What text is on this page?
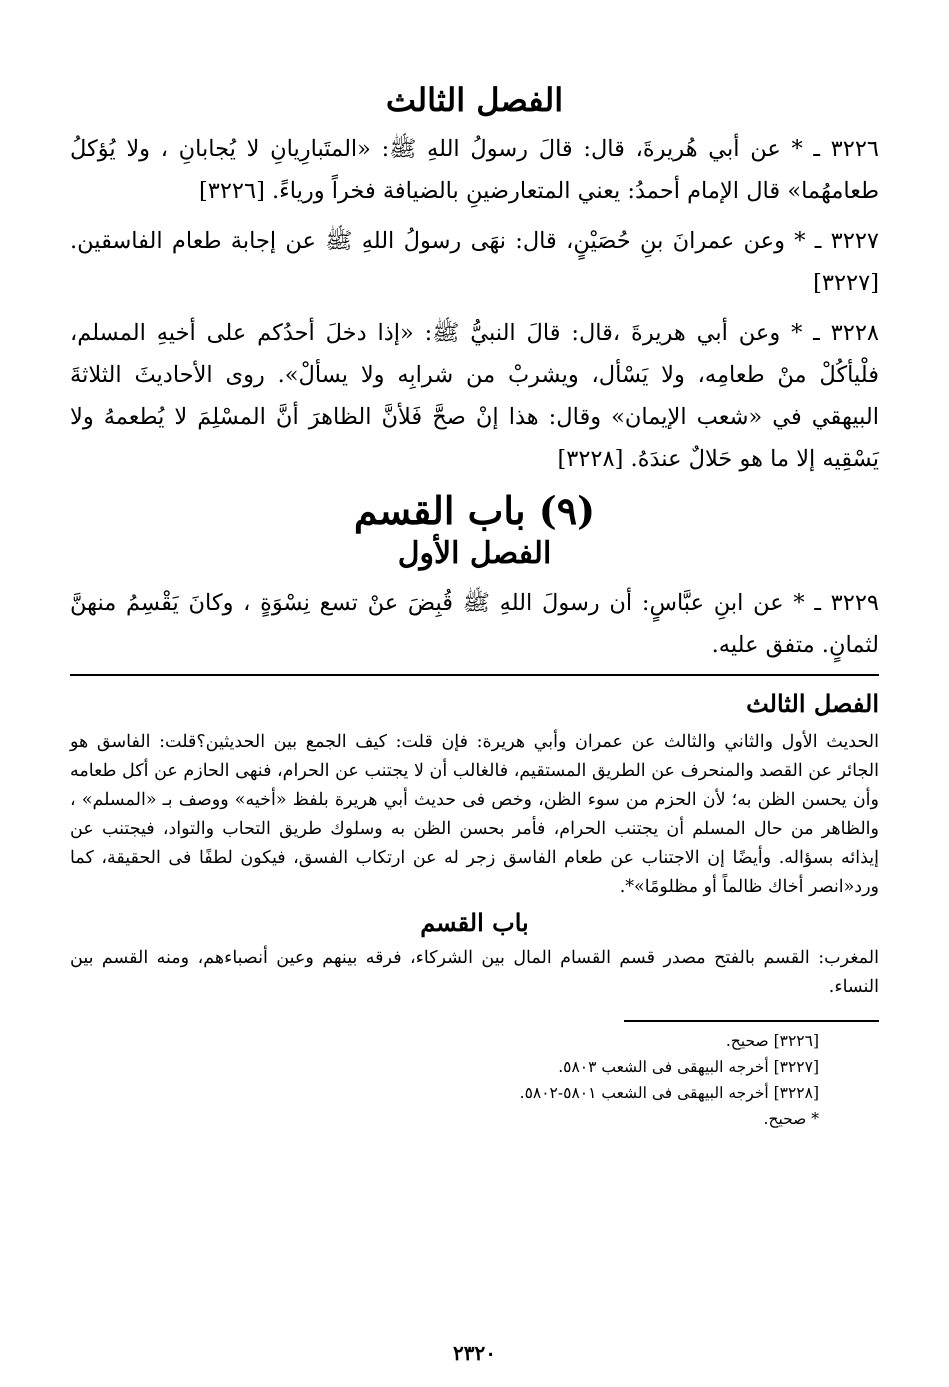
الفصل الثالث

٣٢٢٦ ـ * عن أبي هُريرةَ، قال: قالَ رسولُ اللهِ ﷺ: «المتَبارِيانِ لا يُجابانِ ، ولا يُؤكلُ طعامهُما» قال الإمام أحمدُ: يعني المتعارضينِ بالضيافة فخراً ورياءً. [٣٢٢٦]

٣٢٢٧ ـ * وعن عمرانَ بنِ حُصَيْنٍ، قال: نهَى رسولُ اللهِ ﷺ عن إجابة طعام الفاسقين. [٣٢٢٧]

٣٢٢٨ ـ * وعن أبي هريرةَ ،قال: قالَ النبيُّ ﷺ: «إذا دخلَ أحدُكم على أخيهِ المسلم، فلْيأكُلْ منْ طعامِه، ولا يَسْأل، ويشربْ من شرابِه ولا يسألْ». روى الأحاديثَ الثلاثةَ البيهقي في «شعب الإيمان» وقال: هذا إنْ صحَّ فَلأنَّ الظاهرَ أنَّ المسْلِمَ لا يُطعمهُ ولا يَسْقِيه إلا ما هو حَلالٌ عندَهُ. [٣٢٢٨]

(٩) باب القسم
الفصل الأول

٣٢٢٩ ـ * عن ابنِ عبَّاسٍ: أن رسولَ اللهِ ﷺ قُبِضَ عنْ تسع نِسْوَةٍ ، وكانَ يَقْسِمُ منهنَّ لثمانٍ. متفق عليه.

الفصل الثالث

الحديث الأول والثاني والثالث عن عمران وأبي هريرة: فإن قلت: كيف الجمع بين الحديثين؟قلت: الفاسق هو الجائر عن القصد والمنحرف عن الطريق المستقيم، فالغالب أن لا يجتنب عن الحرام، فنهى الحازم عن أكل طعامه وأن يحسن الظن به؛ لأن الحزم من سوء الظن، وخص فى حديث أبي هريرة بلفظ «أخيه» ووصف بـ «المسلم» ، والظاهر من حال المسلم أن يجتنب الحرام، فأمر بحسن الظن به وسلوك طريق التحاب والتواد، فيجتنب عن إيذائه بسؤاله. وأيضًا إن الاجتناب عن طعام الفاسق زجر له عن ارتكاب الفسق، فيكون لطفًا فى الحقيقة، كما ورد«انصر أخاك ظالماً أو مظلومًا»*.

باب القسم

المغرب: القسم بالفتح مصدر قسم القسام المال بين الشركاء، فرقه بينهم وعين أنصباءهم، ومنه القسم بين النساء.

[٣٢٢٦] صحيح.
[٣٢٢٧] أخرجه البيهقى فى الشعب ٥٨٠٣.
[٣٢٢٨] أخرجه البيهقى فى الشعب ٥٨٠١-٥٨٠٢.
* صحيح.
٢٣٢٠
